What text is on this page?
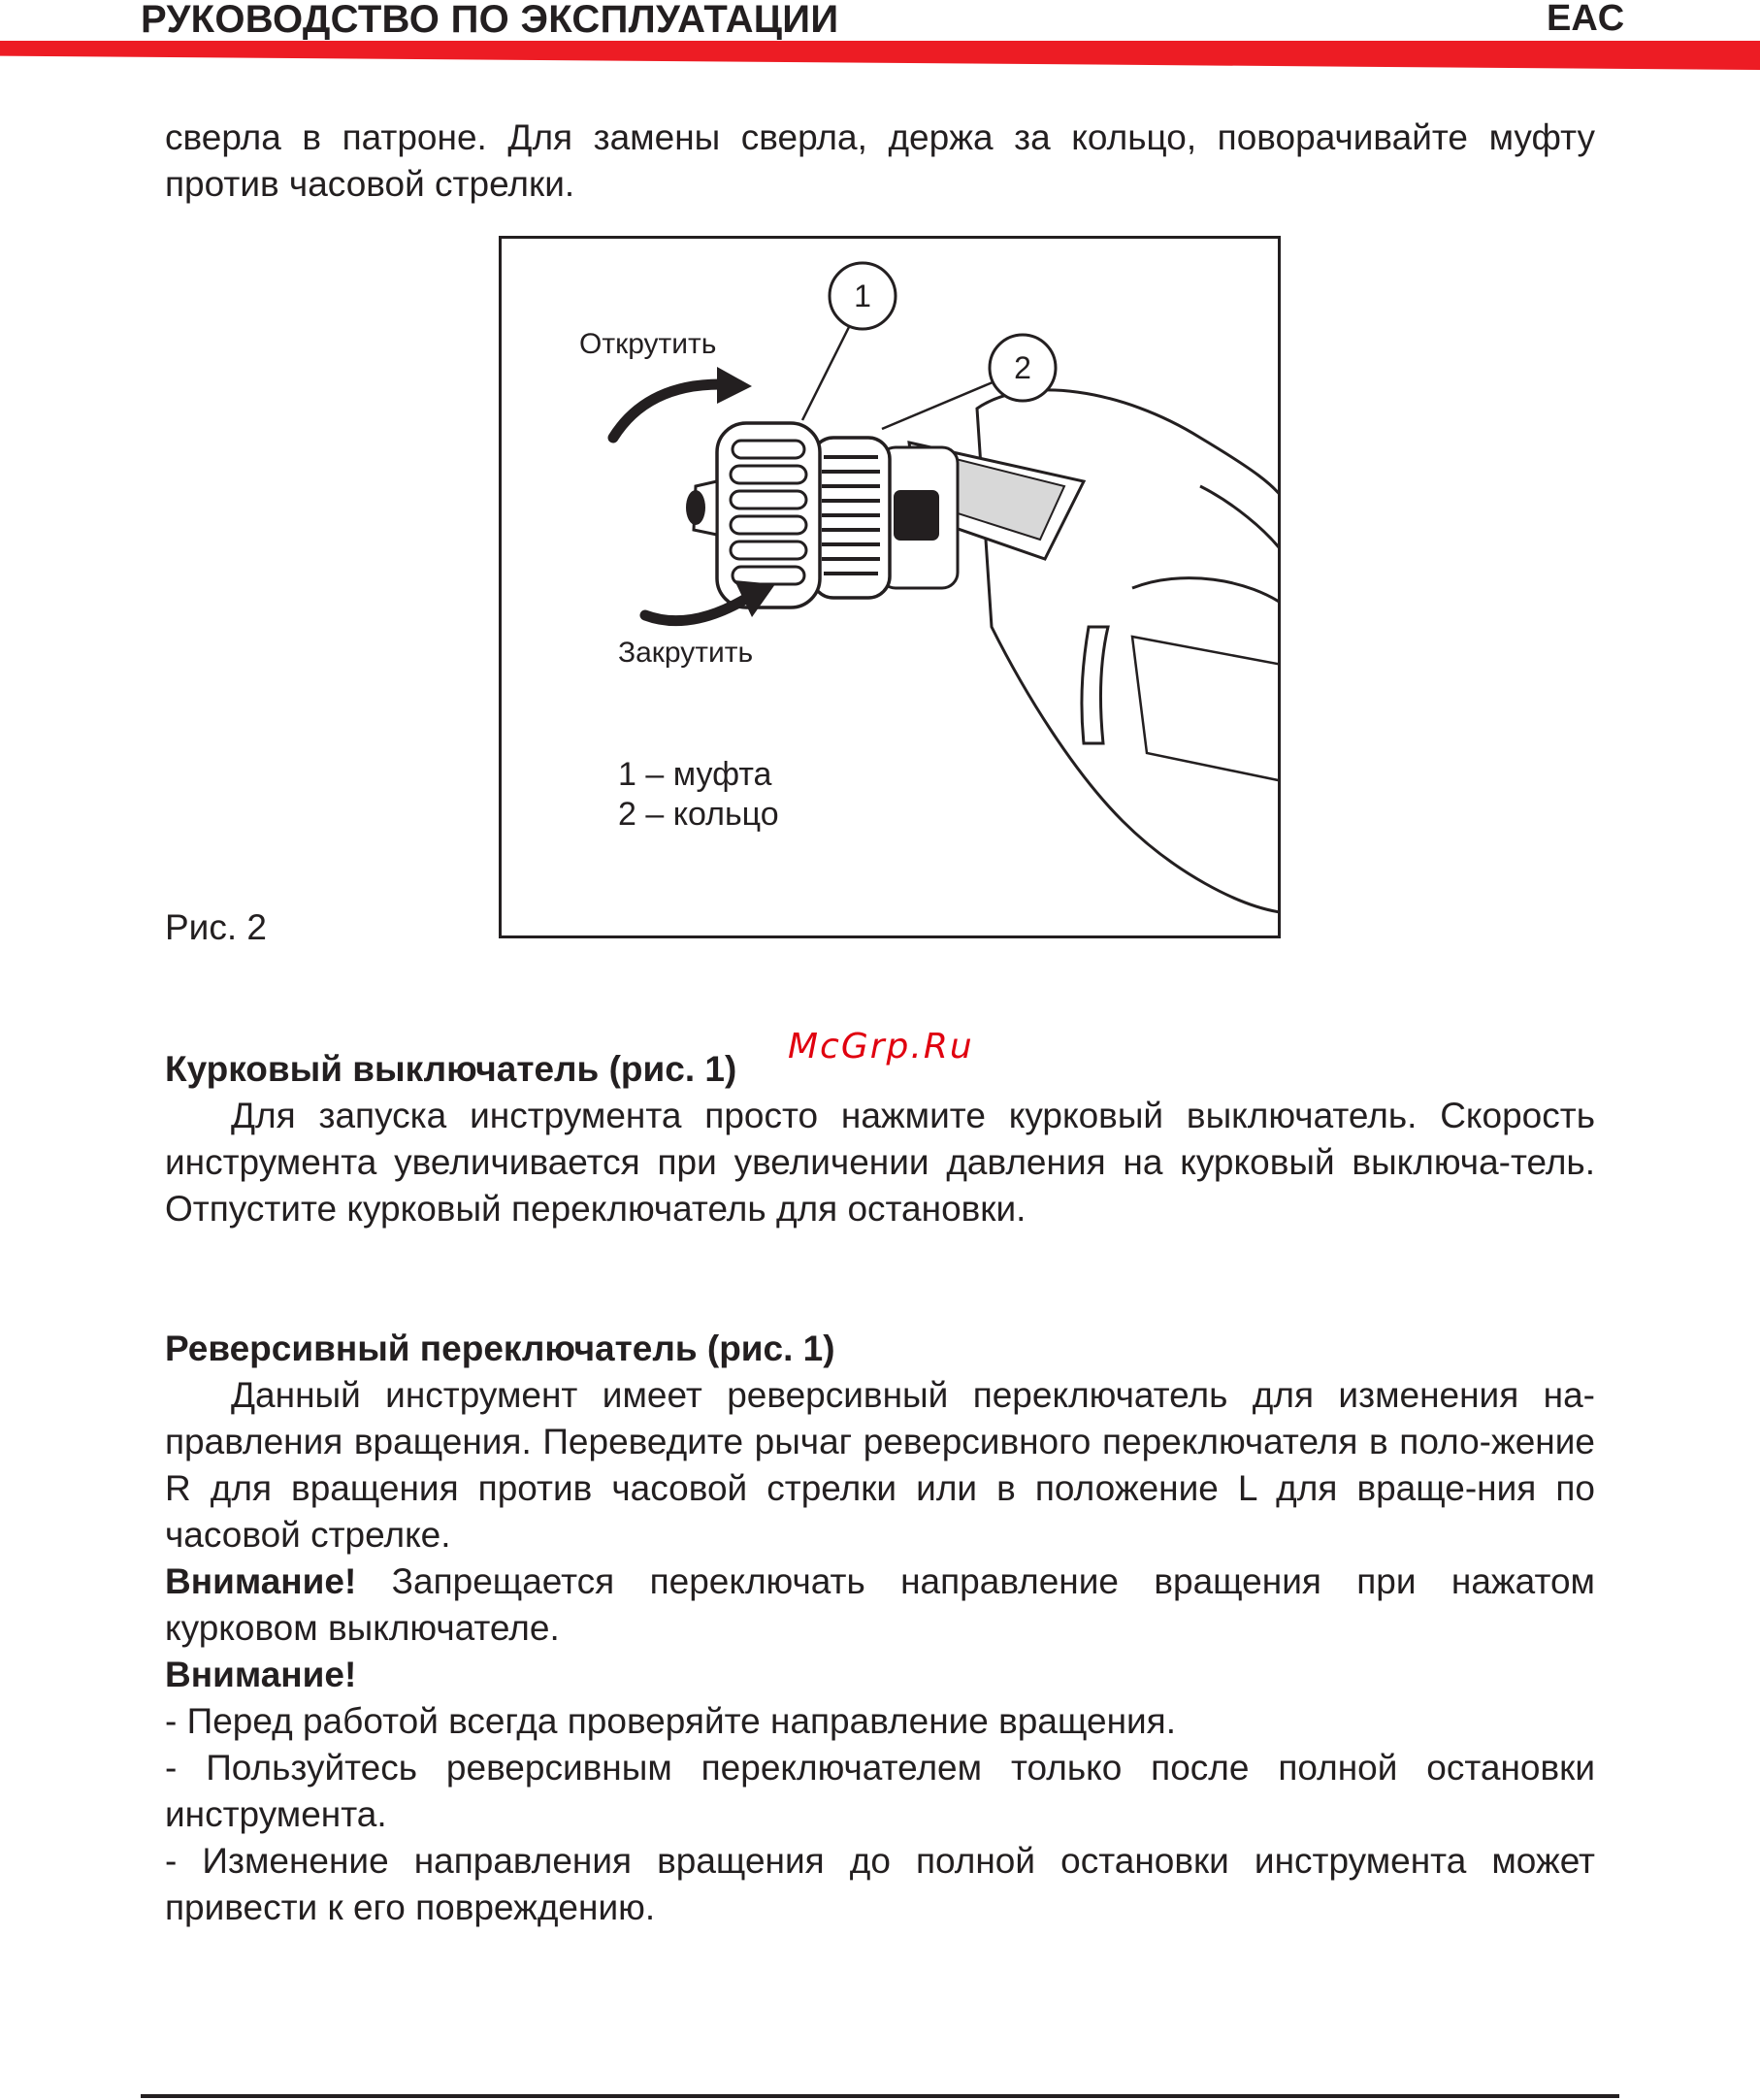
РУКОВОДСТВО ПО ЭКСПЛУАТАЦИИ	EAC

сверла в патроне. Для замены сверла, держа за кольцо, поворачивайте муфту

против часовой стрелки.

1
2
Открутить
Закрутить
1 – муфта
2 – кольцо
Рис. 2
McGrp.Ru

Курковый выключатель (рис. 1)

Для запуска инструмента просто нажмите курковый выключатель. Скорость инструмента увеличивается при увеличении давления на курковый выключа-тель. Отпустите курковый переключатель для остановки.

Реверсивный переключатель (рис. 1)

Данный инструмент имеет реверсивный переключатель для изменения на-правления вращения. Переведите рычаг реверсивного переключателя в поло-жение R для вращения против часовой стрелки или в положение L для враще-ния по часовой стрелке.

Внимание! Запрещается переключать направление вращения при нажатом курковом выключателе.

Внимание!

- Перед работой всегда проверяйте направление вращения.

- Пользуйтесь реверсивным переключателем только после полной остановки инструмента.

- Изменение направления вращения до полной остановки инструмента может привести к его повреждению.
